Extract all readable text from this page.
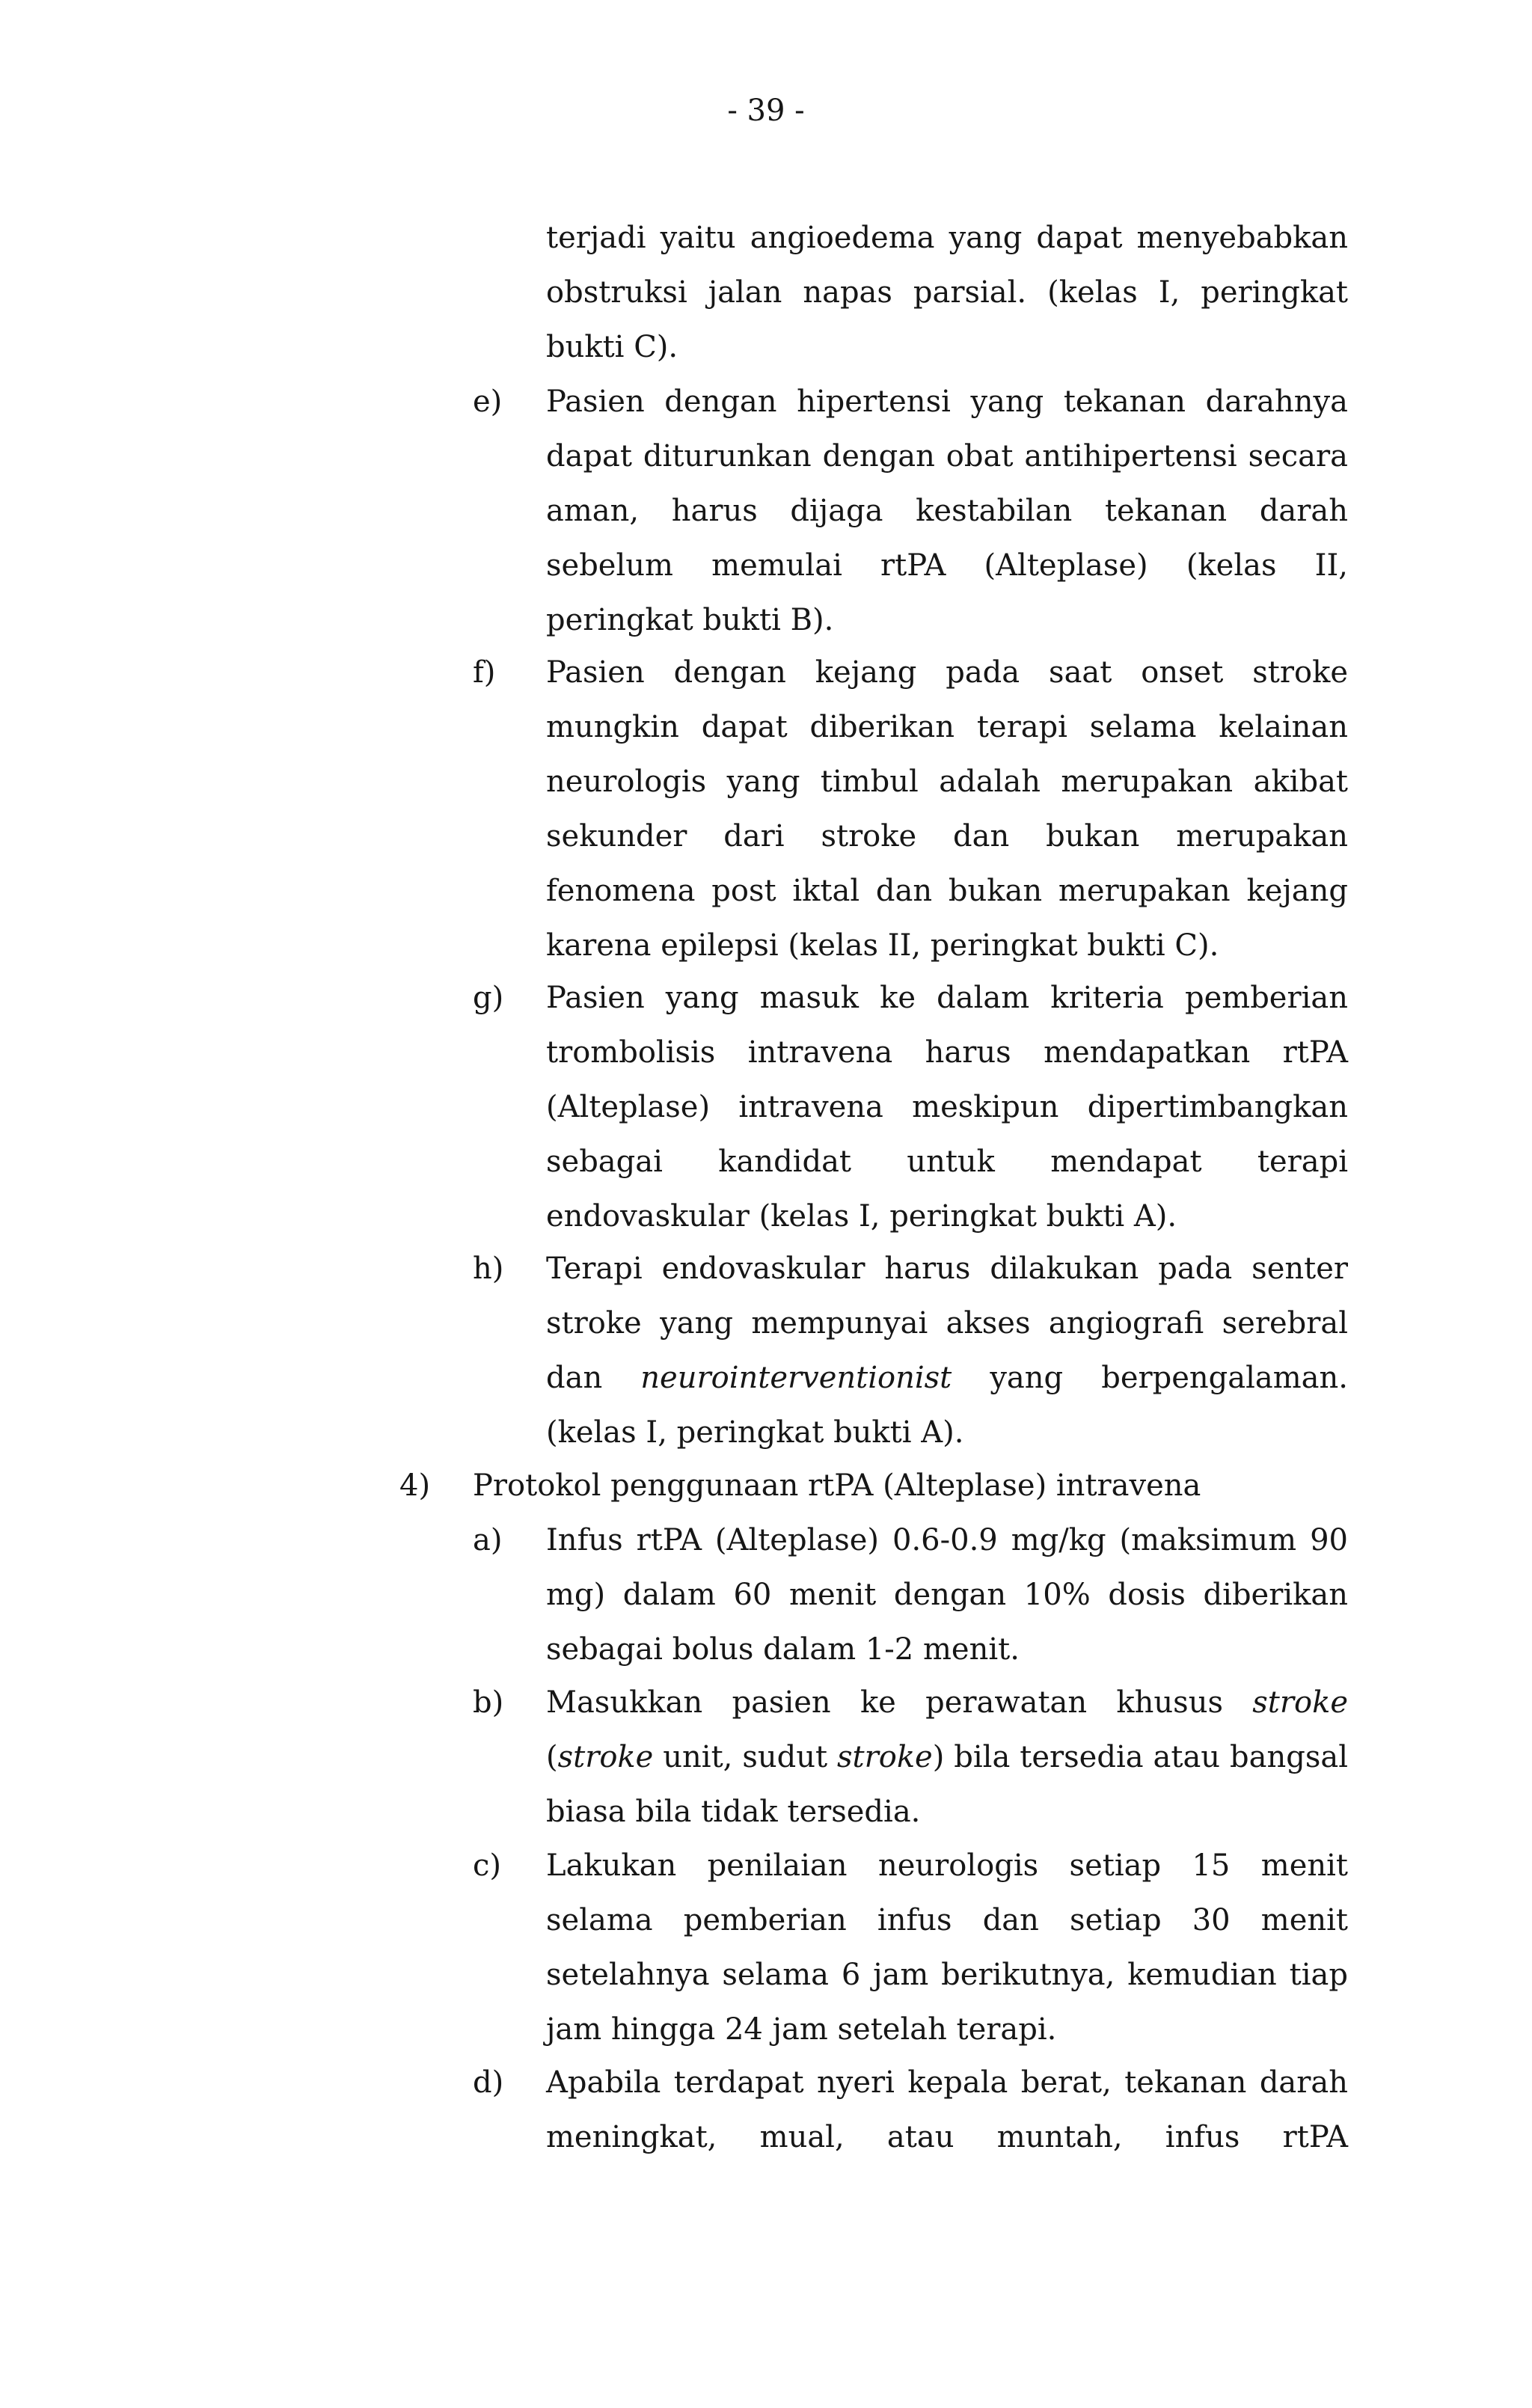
- 39 -
terjadi yaitu angioedema yang dapat menyebabkan obstruksi jalan napas parsial. (kelas I, peringkat bukti C).
e) Pasien dengan hipertensi yang tekanan darahnya dapat diturunkan dengan obat antihipertensi secara aman, harus dijaga kestabilan tekanan darah sebelum memulai rtPA (Alteplase) (kelas II, peringkat bukti B).
f) Pasien dengan kejang pada saat onset stroke mungkin dapat diberikan terapi selama kelainan neurologis yang timbul adalah merupakan akibat sekunder dari stroke dan bukan merupakan fenomena post iktal dan bukan merupakan kejang karena epilepsi (kelas II, peringkat bukti C).
g) Pasien yang masuk ke dalam kriteria pemberian trombolisis intravena harus mendapatkan rtPA (Alteplase) intravena meskipun dipertimbangkan sebagai kandidat untuk mendapat terapi endovaskular (kelas I, peringkat bukti A).
h) Terapi endovaskular harus dilakukan pada senter stroke yang mempunyai akses angiografi serebral dan neurointerventionist yang berpengalaman. (kelas I, peringkat bukti A).
4) Protokol penggunaan rtPA (Alteplase) intravena
a) Infus rtPA (Alteplase) 0.6-0.9 mg/kg (maksimum 90 mg) dalam 60 menit dengan 10% dosis diberikan sebagai bolus dalam 1-2 menit.
b) Masukkan pasien ke perawatan khusus stroke (stroke unit, sudut stroke) bila tersedia atau bangsal biasa bila tidak tersedia.
c) Lakukan penilaian neurologis setiap 15 menit selama pemberian infus dan setiap 30 menit setelahnya selama 6 jam berikutnya, kemudian tiap jam hingga 24 jam setelah terapi.
d) Apabila terdapat nyeri kepala berat, tekanan darah meningkat, mual, atau muntah, infus rtPA
